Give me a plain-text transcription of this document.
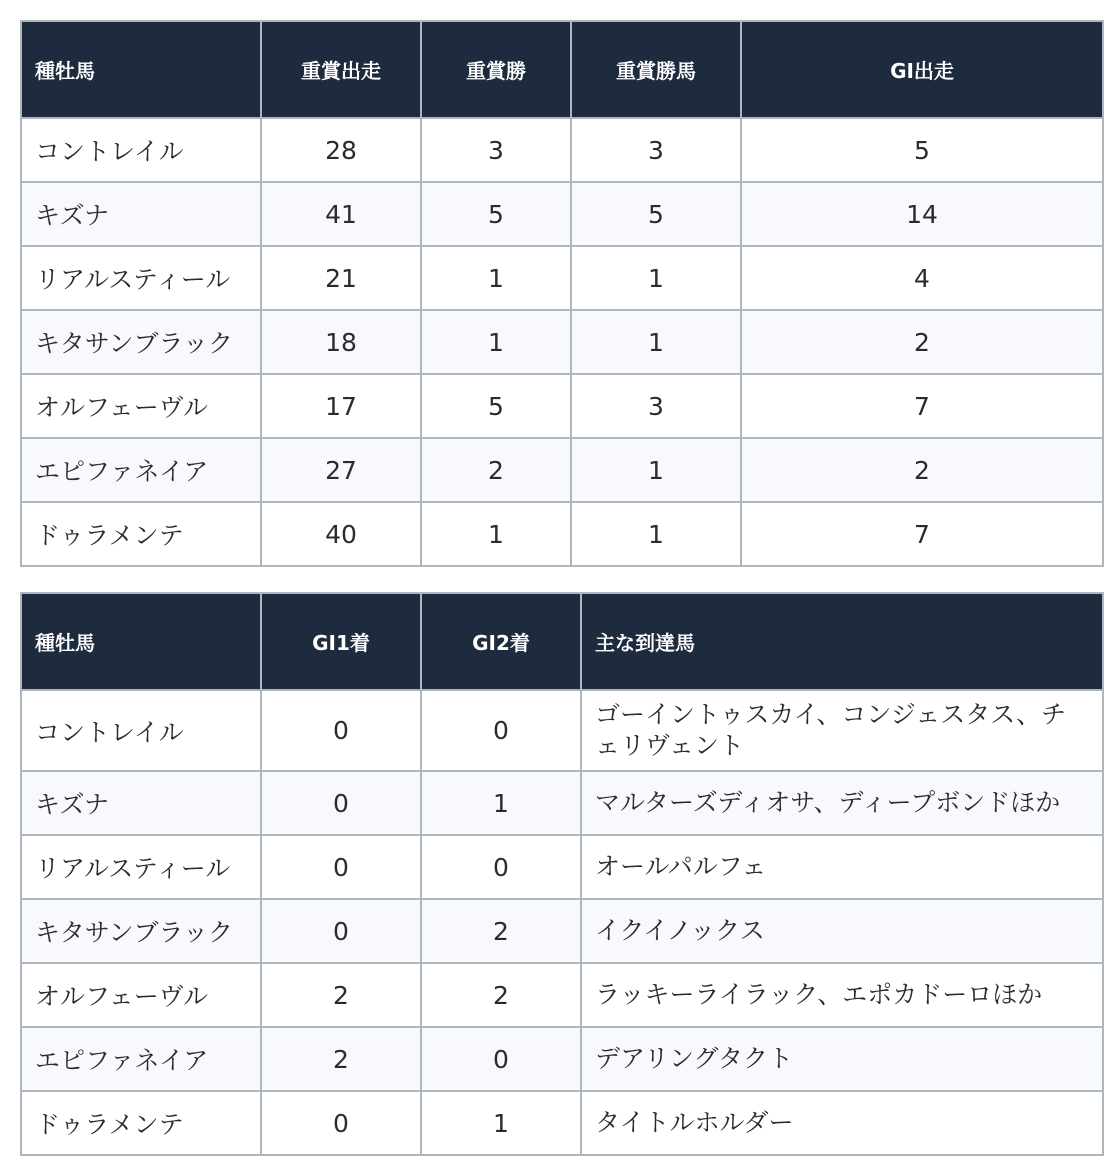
種牡馬	重賞出走	重賞勝	重賞勝馬	GⅠ出走
コントレイル	28	3	3	5
キズナ	41	5	5	14
リアルスティール	21	1	1	4
キタサンブラック	18	1	1	2
オルフェーヴル	17	5	3	7
エピファネイア	27	2	1	2
ドゥラメンテ	40	1	1	7
種牡馬	GⅠ1着	GⅠ2着	主な到達馬
コントレイル	0	0	ゴーイントゥスカイ、コンジェスタス、チェリヴェント
キズナ	0	1	マルターズディオサ、ディープボンドほか
リアルスティール	0	0	オールパルフェ
キタサンブラック	0	2	イクイノックス
オルフェーヴル	2	2	ラッキーライラック、エポカドーロほか
エピファネイア	2	0	デアリングタクト
ドゥラメンテ	0	1	タイトルホルダー
